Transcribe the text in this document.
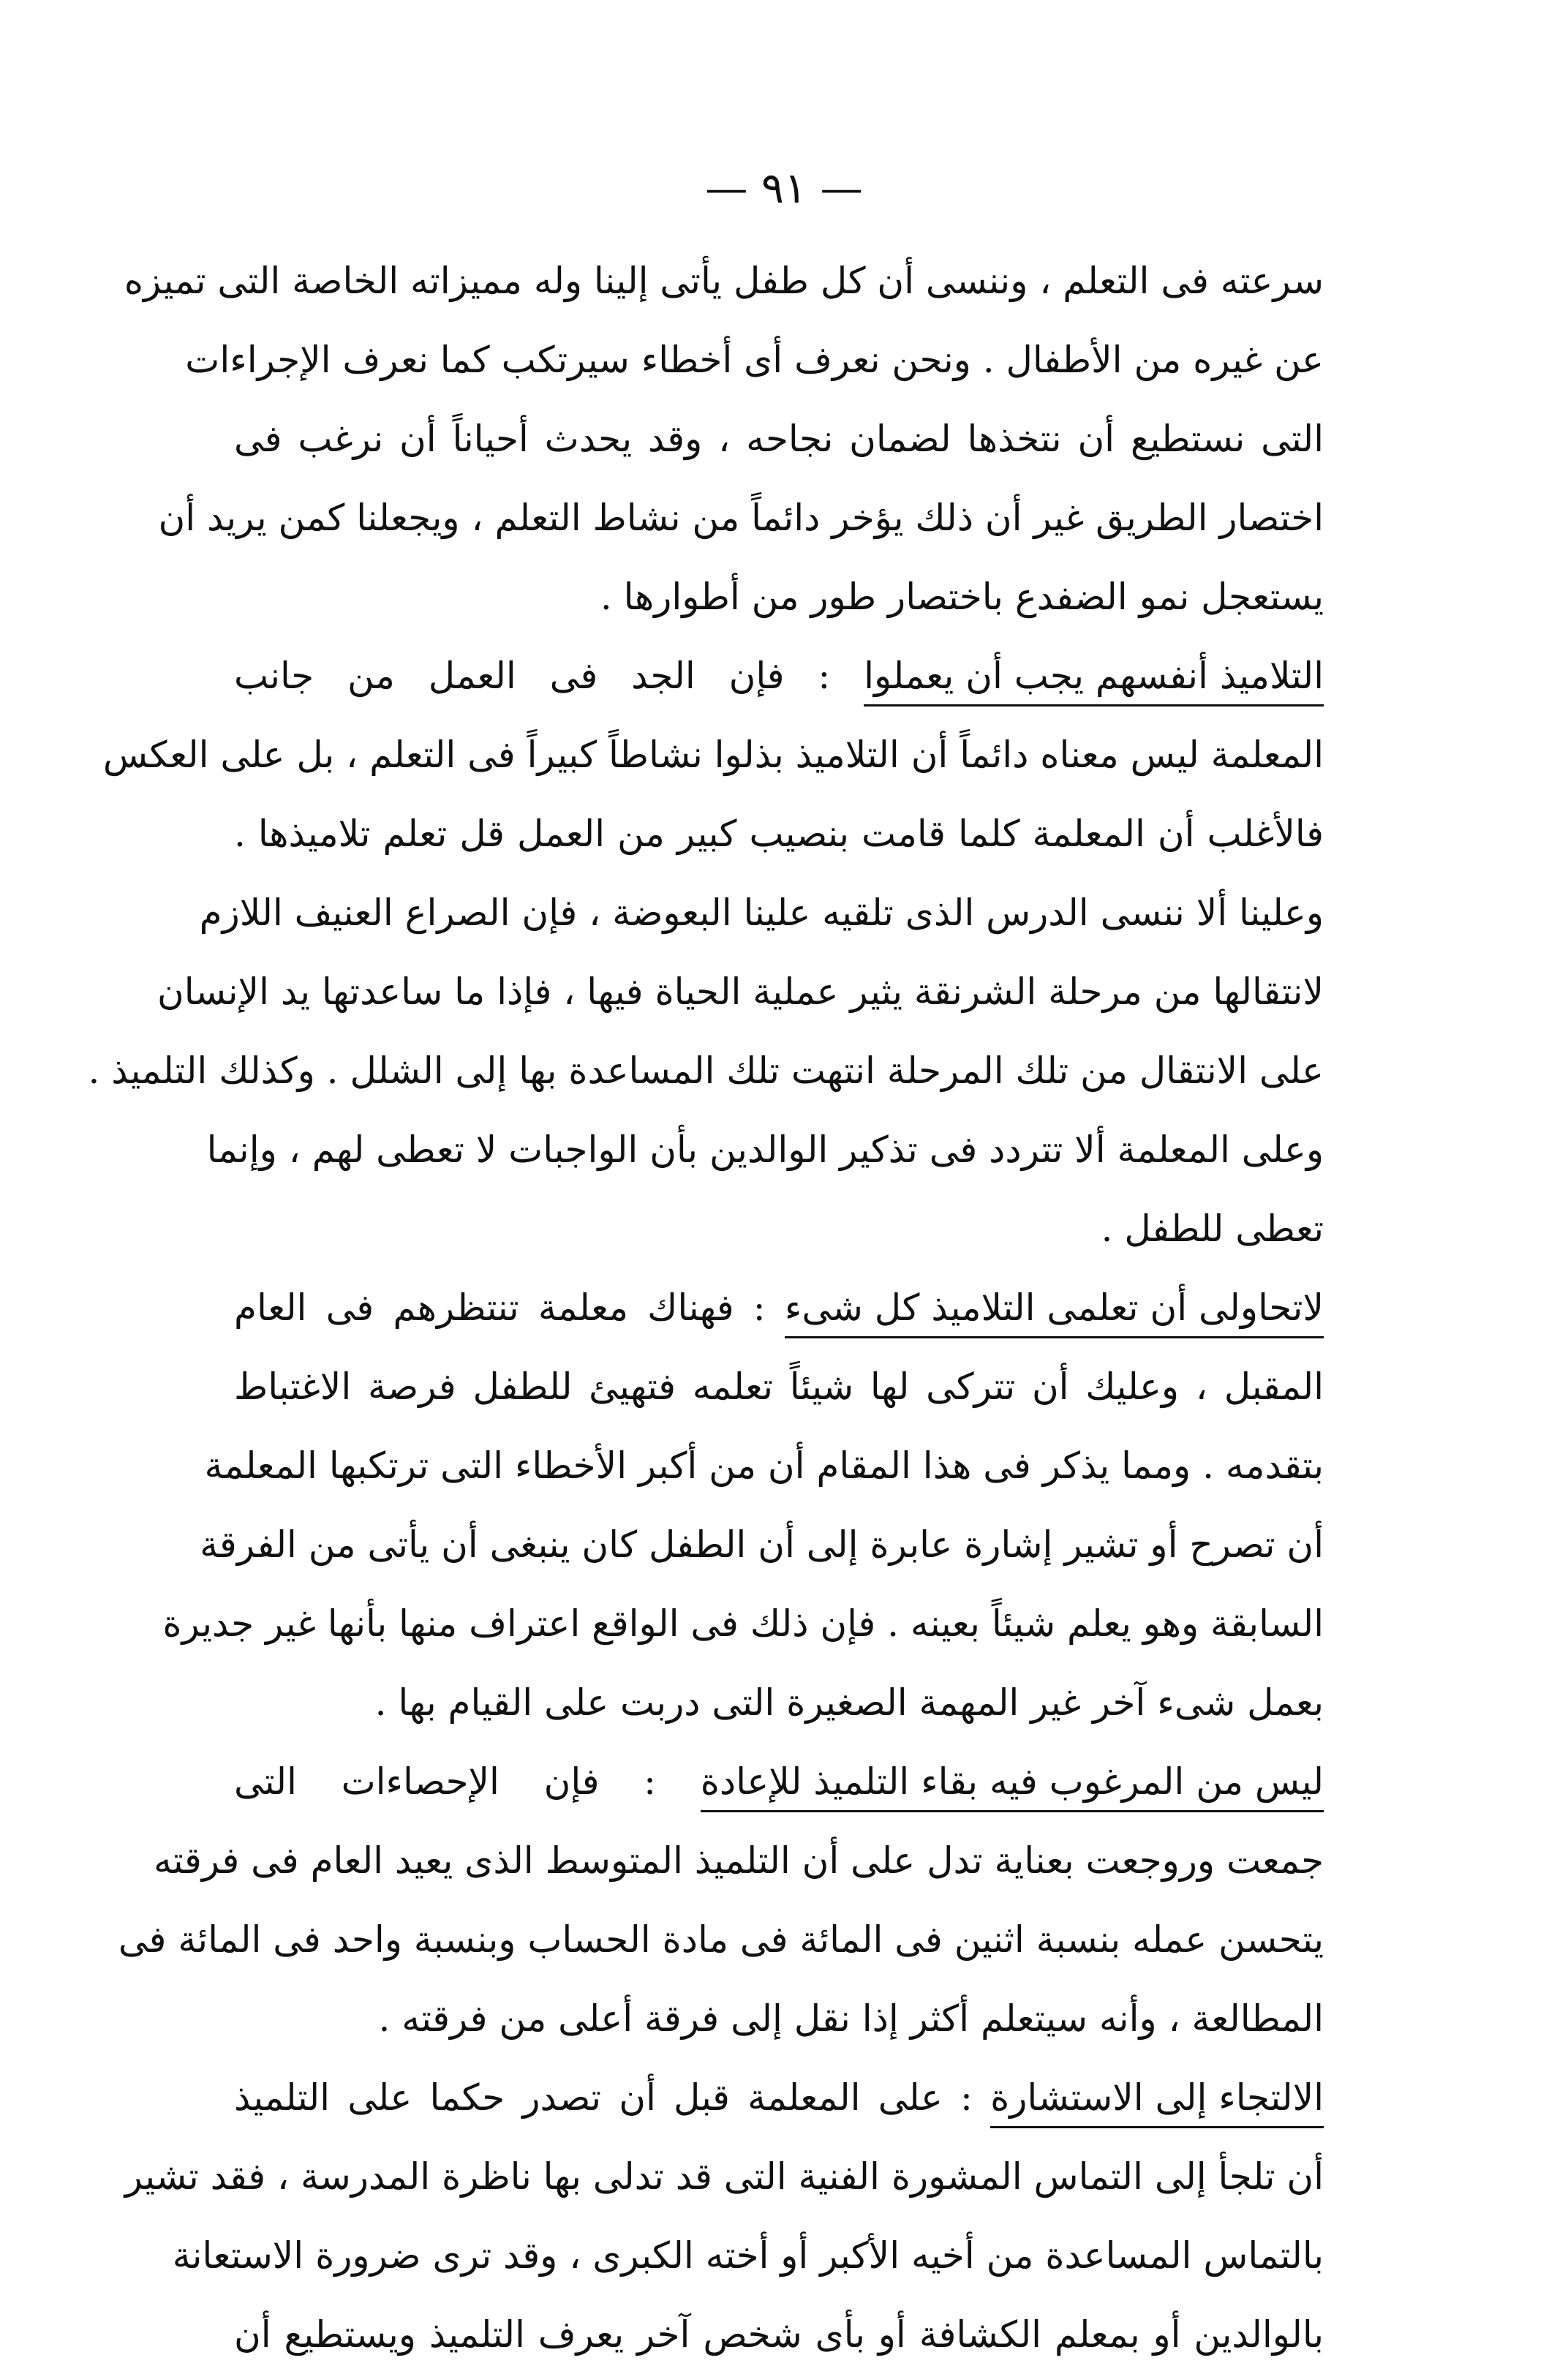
— ٩١ —
سرعته فى التعلم ، وننسى أن كل طفل يأتى إلينا وله مميزاته الخاصة التى تميزه
عن غيره من الأطفال . ونحن نعرف أى أخطاء سيرتكب كما نعرف الإجراءات
التى نستطيع أن نتخذها لضمان نجاحه ، وقد يحدث أحياناً أن نرغب فى
اختصار الطريق غير أن ذلك يؤخر دائماً من نشاط التعلم ، ويجعلنا كمن يريد أن
يستعجل نمو الضفدع باختصار طور من أطوارها .
التلاميذ أنفسهم يجب أن يعملوا : فإن الجد فى العمل من جانب
المعلمة ليس معناه دائماً أن التلاميذ بذلوا نشاطاً كبيراً فى التعلم ، بل على العكس
فالأغلب أن المعلمة كلما قامت بنصيب كبير من العمل قل تعلم تلاميذها .
وعلينا ألا ننسى الدرس الذى تلقيه علينا البعوضة ، فإن الصراع العنيف اللازم
لانتقالها من مرحلة الشرنقة يثير عملية الحياة فيها ، فإذا ما ساعدتها يد الإنسان
على الانتقال من تلك المرحلة انتهت تلك المساعدة بها إلى الشلل . وكذلك التلميذ .
وعلى المعلمة ألا تتردد فى تذكير الوالدين بأن الواجبات لا تعطى لهم ، وإنما
تعطى للطفل .
لاتحاولى أن تعلمى التلاميذ كل شىء : فهناك معلمة تنتظرهم فى العام
المقبل ، وعليك أن تتركى لها شيئاً تعلمه فتهيئ للطفل فرصة الاغتباط
بتقدمه . ومما يذكر فى هذا المقام أن من أكبر الأخطاء التى ترتكبها المعلمة
أن تصرح أو تشير إشارة عابرة إلى أن الطفل كان ينبغى أن يأتى من الفرقة
السابقة وهو يعلم شيئاً بعينه . فإن ذلك فى الواقع اعتراف منها بأنها غير جديرة
بعمل شىء آخر غير المهمة الصغيرة التى دربت على القيام بها .
ليس من المرغوب فيه بقاء التلميذ للإعادة : فإن الإحصاءات التى
جمعت وروجعت بعناية تدل على أن التلميذ المتوسط الذى يعيد العام فى فرقته
يتحسن عمله بنسبة اثنين فى المائة فى مادة الحساب وبنسبة واحد فى المائة فى
المطالعة ، وأنه سيتعلم أكثر إذا نقل إلى فرقة أعلى من فرقته .
الالتجاء إلى الاستشارة : على المعلمة قبل أن تصدر حكما على التلميذ
أن تلجأ إلى التماس المشورة الفنية التى قد تدلى بها ناظرة المدرسة ، فقد تشير
بالتماس المساعدة من أخيه الأكبر أو أخته الكبرى ، وقد ترى ضرورة الاستعانة
بالوالدين أو بمعلم الكشافة أو بأى شخص آخر يعرف التلميذ ويستطيع أن
